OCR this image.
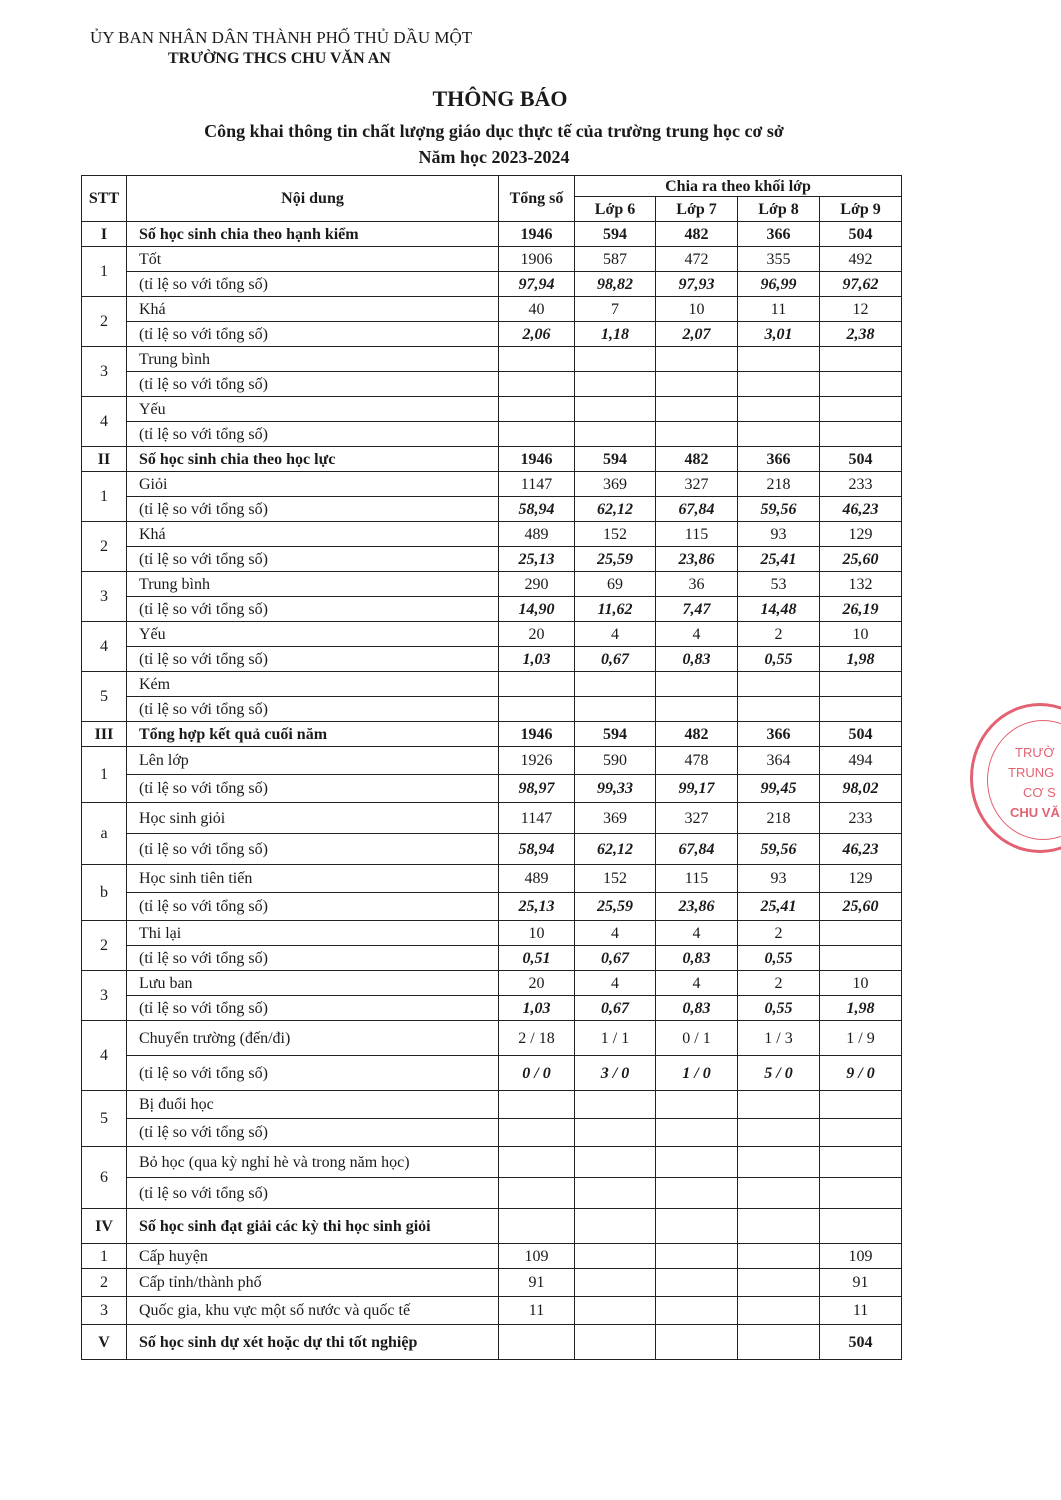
ỦY BAN NHÂN DÂN THÀNH PHỐ THỦ DẦU MỘT
TRƯỜNG THCS CHU VĂN AN
THÔNG BÁO
Công khai thông tin chất lượng giáo dục thực tế của trường trung học cơ sở
Năm học 2023-2024
STT	Nội dung	Tổng số	Chia ra theo khối lớp			
			Lớp 6	Lớp 7	Lớp 8	Lớp 9
I	Số học sinh chia theo hạnh kiểm	1946	594	482	366	504
1	Tốt	1906	587	472	355	492
	(tỉ lệ so với tổng số)	97,94	98,82	97,93	96,99	97,62
2	Khá	40	7	10	11	12
	(tỉ lệ so với tổng số)	2,06	1,18	2,07	3,01	2,38
3	Trung bình					
	(tỉ lệ so với tổng số)					
4	Yếu					
	(tỉ lệ so với tổng số)					
II	Số học sinh chia theo học lực	1946	594	482	366	504
1	Giỏi	1147	369	327	218	233
	(tỉ lệ so với tổng số)	58,94	62,12	67,84	59,56	46,23
2	Khá	489	152	115	93	129
	(tỉ lệ so với tổng số)	25,13	25,59	23,86	25,41	25,60
3	Trung bình	290	69	36	53	132
	(tỉ lệ so với tổng số)	14,90	11,62	7,47	14,48	26,19
4	Yếu	20	4	4	2	10
	(tỉ lệ so với tổng số)	1,03	0,67	0,83	0,55	1,98
5	Kém					
	(tỉ lệ so với tổng số)					
III	Tổng hợp kết quả cuối năm	1946	594	482	366	504
1	Lên lớp	1926	590	478	364	494
	(tỉ lệ so với tổng số)	98,97	99,33	99,17	99,45	98,02
a	Học sinh giỏi	1147	369	327	218	233
	(tỉ lệ so với tổng số)	58,94	62,12	67,84	59,56	46,23
b	Học sinh tiên tiến	489	152	115	93	129
	(tỉ lệ so với tổng số)	25,13	25,59	23,86	25,41	25,60
2	Thi lại	10	4	4	2	
	(tỉ lệ so với tổng số)	0,51	0,67	0,83	0,55	
3	Lưu ban	20	4	4	2	10
	(tỉ lệ so với tổng số)	1,03	0,67	0,83	0,55	1,98
4	Chuyển trường (đến/đi)	2 / 18	1 / 1	0 / 1	1 / 3	1 / 9
	(tỉ lệ so với tổng số)	0 / 0	3 / 0	1 / 0	5 / 0	9 / 0
5	Bị đuổi học					
	(tỉ lệ so với tổng số)					
6	Bỏ học (qua kỳ nghỉ hè và trong năm học)					
	(tỉ lệ so với tổng số)					
IV	Số học sinh đạt giải các kỳ thi học sinh giỏi					
1	Cấp huyện	109				109
2	Cấp tỉnh/thành phố	91				91
3	Quốc gia, khu vực một số nước và quốc tế	11				11
V	Số học sinh dự xét hoặc dự thi tốt nghiệp					504
TRƯỜ
TRUNG
CƠ S
CHU VĂ
